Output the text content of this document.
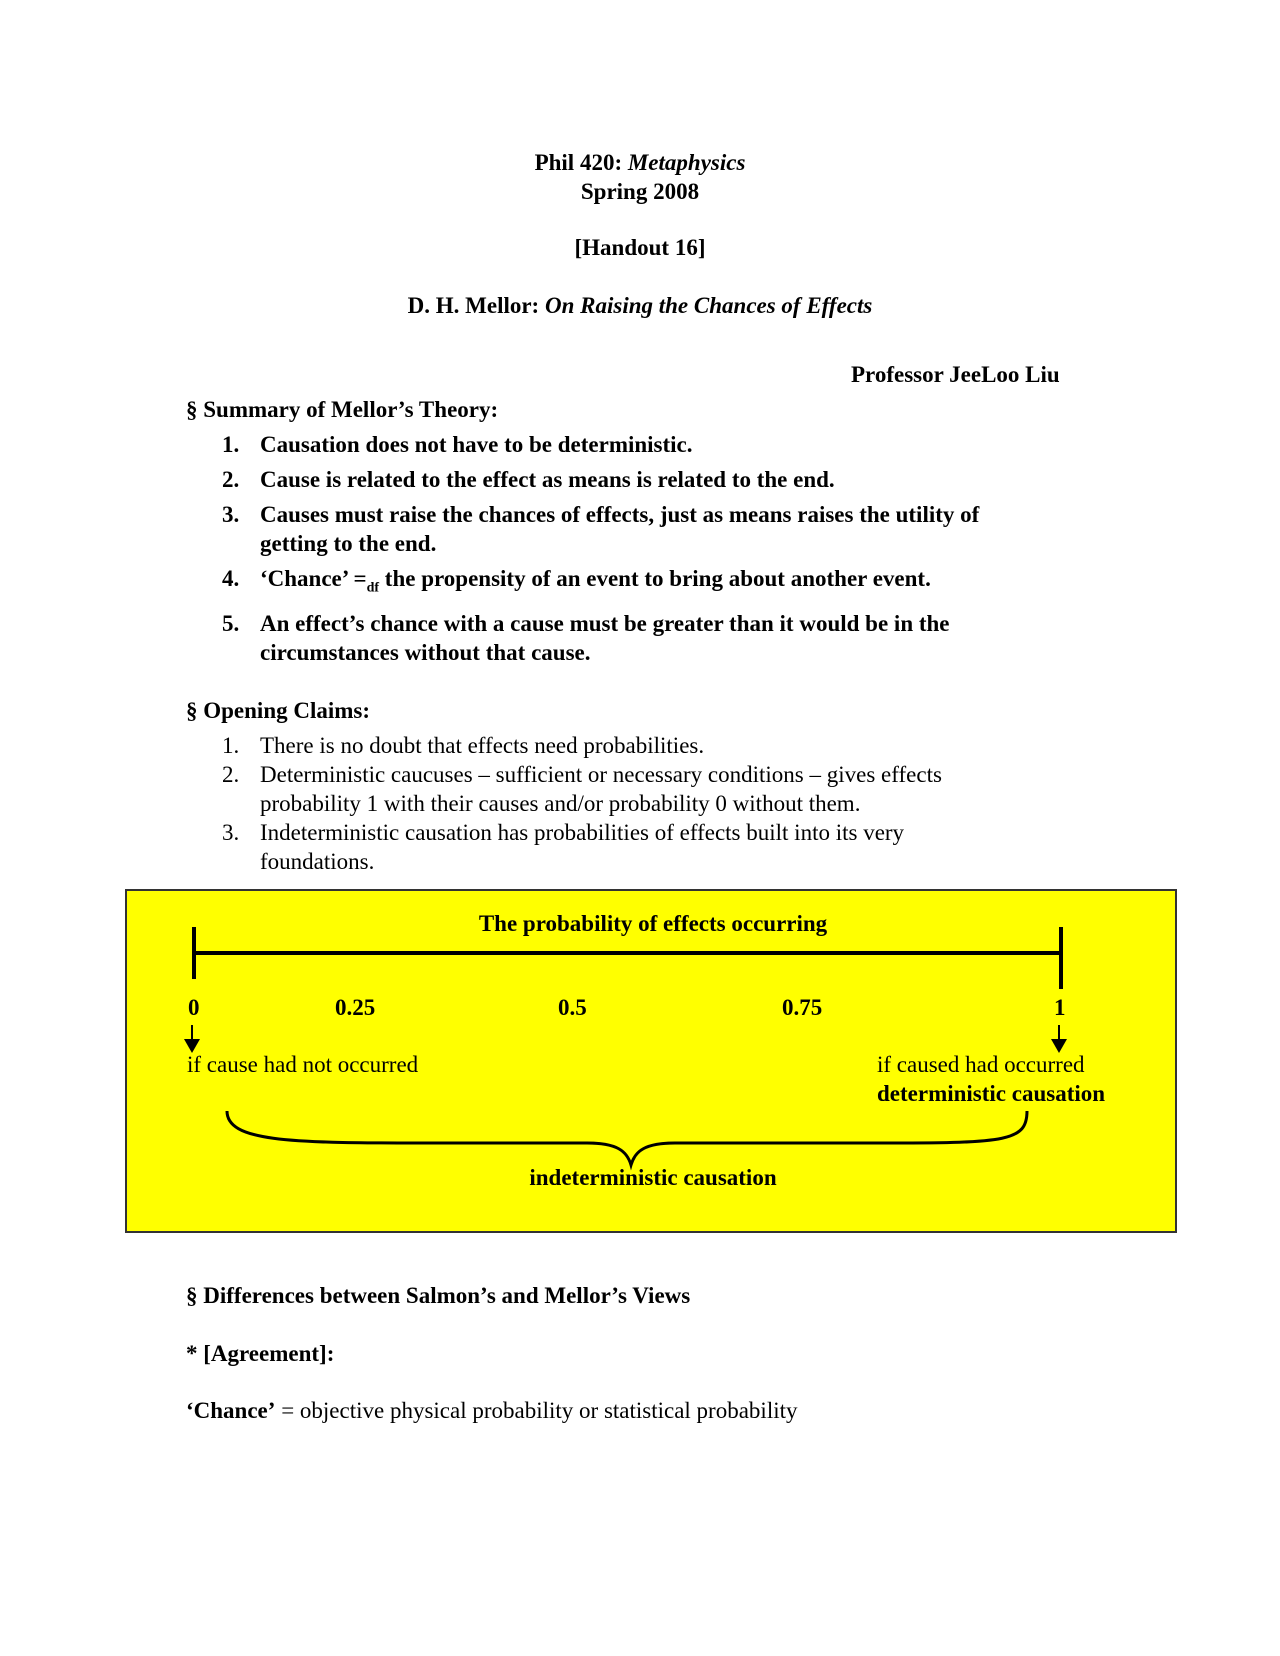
Phil 420: Metaphysics
Spring 2008
[Handout 16]
D. H. Mellor: On Raising the Chances of Effects
Professor JeeLoo Liu
§ Summary of Mellor’s Theory:
1. Causation does not have to be deterministic.
2. Cause is related to the effect as means is related to the end.
3. Causes must raise the chances of effects, just as means raises the utility of
getting to the end.
4. ‘Chance’ $=_{df}$ the propensity of an event to bring about another event.
5. An effect’s chance with a cause must be greater than it would be in the
circumstances without that cause.
§ Opening Claims:
1. There is no doubt that effects need probabilities.
2. Deterministic caucuses – sufficient or necessary conditions – gives effects
probability 1 with their causes and/or probability 0 without them.
3. Indeterministic causation has probabilities of effects built into its very
foundations.
The probability of effects occurring
0	0.25	0.5	0.75	1
if cause had not occurred	if caused had occurred
deterministic causation
indeterministic causation
§ Differences between Salmon’s and Mellor’s Views
* [Agreement]:
‘Chance’ = objective physical probability or statistical probability
